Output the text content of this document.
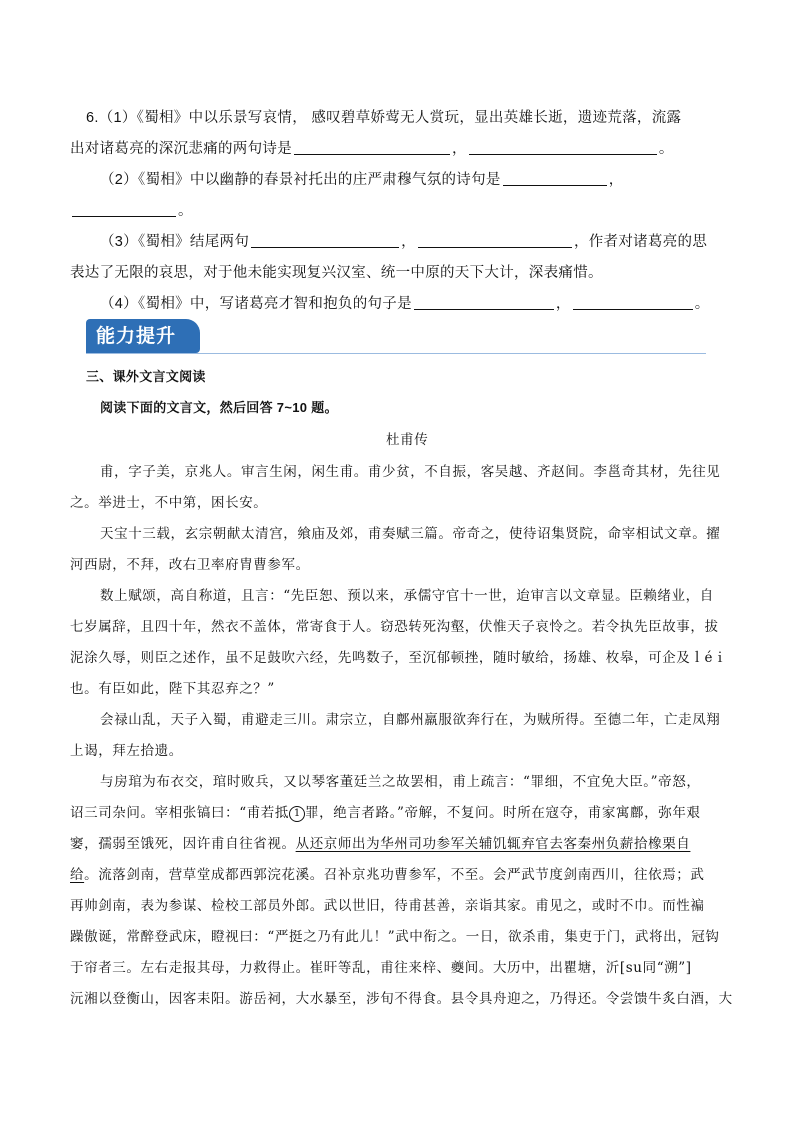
6.（1）《蜀相》中以乐景写哀情， 感叹碧草娇莺无人赏玩，显出英雄长逝，遗迹荒落，流露
出对诸葛亮的深沉悲痛的两句诗是	，	。
（2）《蜀相》中以幽静的春景衬托出的庄严肃穆气氛的诗句是	，
。
（3）《蜀相》结尾两句	，	，作者对诸葛亮的思
表达了无限的哀思，对于他未能实现复兴汉室、统一中原的天下大计，深表痛惜。
（4）《蜀相》中，写诸葛亮才智和抱负的句子是	，	。
能力提升
三、课外文言文阅读
阅读下面的文言文，然后回答 7~10 题。
杜甫传
甫，字子美，京兆人。审言生闲，闲生甫。甫少贫，不自振，客吴越、齐赵间。李邕奇其材，先往见
之。举进士，不中第，困长安。
天宝十三载，玄宗朝献太清宫，飨庙及郊，甫奏赋三篇。帝奇之，使待诏集贤院，命宰相试文章。擢
河西尉，不拜，改右卫率府胄曹参军。
数上赋颂，高自称道，且言：“先臣恕、预以来，承儒守官十一世，迨审言以文章显。臣赖绪业，自
七岁属辞，且四十年，然衣不盖体，常寄食于人。窃恐转死沟壑，伏惟天子哀怜之。若令执先臣故事，拔
泥涂久辱，则臣之述作，虽不足鼓吹六经，先鸣数子，至沉郁顿挫，随时敏给，扬雄、枚皋，可企及ｌéｉ
也。有臣如此，陛下其忍弃之？”
会禄山乱，天子入蜀，甫避走三川。肃宗立，自鄜州羸服欲奔行在，为贼所得。至德二年，亡走凤翔
上谒，拜左拾遗。
与房琯为布衣交，琯时败兵，又以琴客董廷兰之故罢相，甫上疏言：“罪细，不宜免大臣。”帝怒，
诏三司杂问。宰相张镐曰：“甫若抵 1 罪，绝言者路。”帝解，不复问。时所在寇夺，甫家寓鄜，弥年艰
窭，孺弱至饿死，因许甫自往省视。从还京师出为华州司功参军关辅饥辄弃官去客秦州负薪拾橡栗自
给。流落剑南，营草堂成都西郭浣花溪。召补京兆功曹参军，不至。会严武节度剑南西川，往依焉；武
再帅剑南，表为参谋、检校工部员外郎。武以世旧，待甫甚善，亲诣其家。甫见之，或时不巾。而性褊
躁傲诞，常醉登武床，瞪视曰：“严挺之乃有此儿！”武中衔之。一日，欲杀甫，集吏于门，武将出，冠钩
于帘者三。左右走报其母，力救得止。崔旰等乱，甫往来梓、夔间。大历中，出瞿塘，沂[su同“溯”]
沅湘以登衡山，因客耒阳。游岳祠，大水暴至，涉旬不得食。县令具舟迎之，乃得还。令尝馈牛炙白酒，大
